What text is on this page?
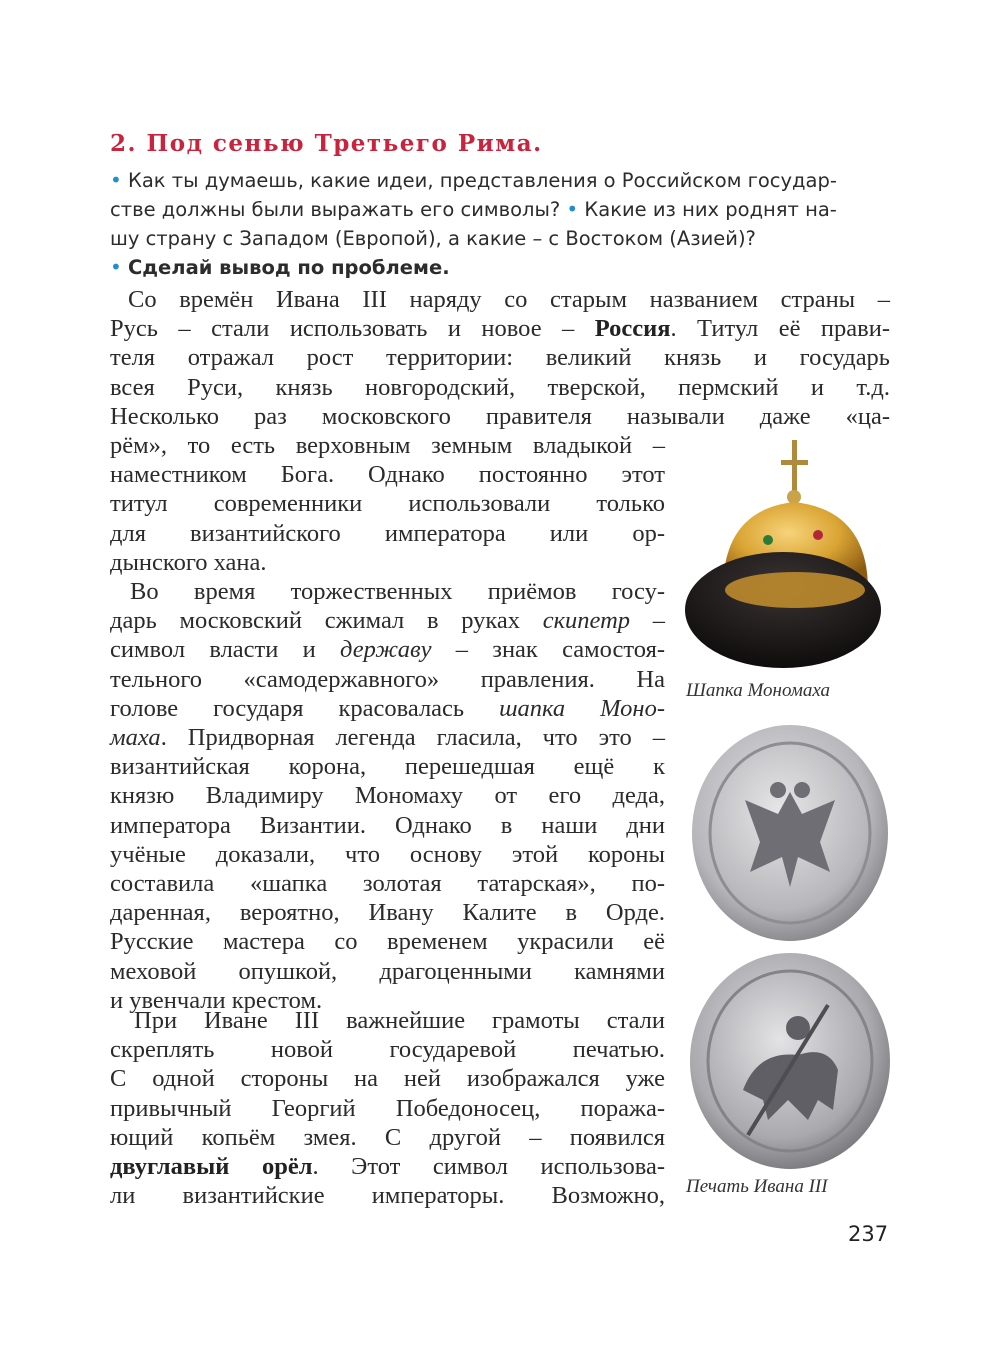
2. Под сенью Третьего Рима.
• Как ты думаешь, какие идеи, представления о Российском государ-
стве должны были выражать его символы? • Какие из них роднят на-
шу страну с Западом (Европой), а какие – с Востоком (Азией)?
• Сделай вывод по проблеме.
Со времён Ивана III наряду со старым названием страны –
Русь – стали использовать и новое – Россия. Титул её прави-
теля отражал рост территории: великий князь и государь
всея Руси, князь новгородский, тверской, пермский и т.д.
Несколько раз московского правителя называли даже «ца-
рём», то есть верховным земным владыкой –
наместником Бога. Однако постоянно этот
титул современники использовали только
для византийского императора или ор-
дынского хана.
Во время торжественных приёмов госу-
дарь московский сжимал в руках скипетр –
символ власти и державу – знак самостоя-
тельного «самодержавного» правления. На
голове государя красовалась шапка Моно-
маха. Придворная легенда гласила, что это –
византийская корона, перешедшая ещё к
князю Владимиру Мономаху от его деда,
императора Византии. Однако в наши дни
учёные доказали, что основу этой короны
составила «шапка золотая татарская», по-
даренная, вероятно, Ивану Калите в Орде.
Русские мастера со временем украсили её
меховой опушкой, драгоценными камнями
и увенчали крестом.
При Иване III важнейшие грамоты стали
скреплять новой государевой печатью.
С одной стороны на ней изображался уже
привычный Георгий Победоносец, поража-
ющий копьём змея. С другой – появился
двуглавый орёл. Этот символ использова-
ли византийские императоры. Возможно,
Шапка Мономаха
Печать Ивана III
237
